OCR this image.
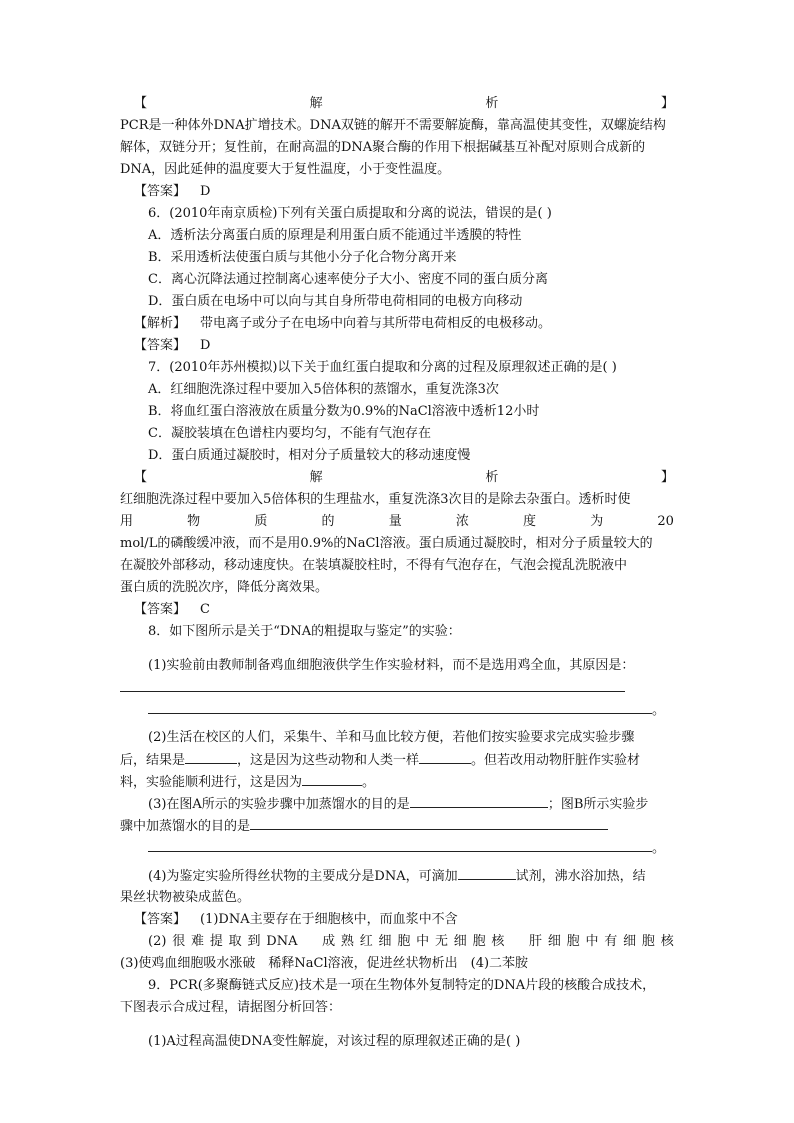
【	解	析	】
PCR是一种体外DNA扩增技术。DNA双链的解开不需要解旋酶，靠高温使其变性，双螺旋结构
解体，双链分开；复性前，在耐高温的DNA聚合酶的作用下根据碱基互补配对原则合成新的
DNA，因此延伸的温度要大于复性温度，小于变性温度。
【答案】 D
6．(2010年南京质检)下列有关蛋白质提取和分离的说法，错误的是( )
A．透析法分离蛋白质的原理是利用蛋白质不能通过半透膜的特性
B．采用透析法使蛋白质与其他小分子化合物分离开来
C．离心沉降法通过控制离心速率使分子大小、密度不同的蛋白质分离
D．蛋白质在电场中可以向与其自身所带电荷相同的电极方向移动
【解析】 带电离子或分子在电场中向着与其所带电荷相反的电极移动。
【答案】 D
7．(2010年苏州模拟)以下关于血红蛋白提取和分离的过程及原理叙述正确的是( )
A．红细胞洗涤过程中要加入5倍体积的蒸馏水，重复洗涤3次
B．将血红蛋白溶液放在质量分数为0.9%的NaCl溶液中透析12小时
C．凝胶装填在色谱柱内要均匀，不能有气泡存在
D．蛋白质通过凝胶时，相对分子质量较大的移动速度慢
【	解	析	】
红细胞洗涤过程中要加入5倍体积的生理盐水，重复洗涤3次目的是除去杂蛋白。透析时使
用	物	质	的	量	浓	度	为	20
mol/L的磷酸缓冲液，而不是用0.9%的NaCl溶液。蛋白质通过凝胶时，相对分子质量较大的
在凝胶外部移动，移动速度快。在装填凝胶柱时，不得有气泡存在，气泡会搅乱洗脱液中
蛋白质的洗脱次序，降低分离效果。
【答案】 C
8．如下图所示是关于“DNA的粗提取与鉴定”的实验：
(1)实验前由教师制备鸡血细胞液供学生作实验材料，而不是选用鸡全血，其原因是：
。
(2)生活在校区的人们，采集牛、羊和马血比较方便，若他们按实验要求完成实验步骤
后，结果是	，这是因为这些动物和人类一样	。但若改用动物肝脏作实验材
料，实验能顺利进行，这是因为	。
(3)在图A所示的实验步骤中加蒸馏水的目的是	；图B所示实验步
骤中加蒸馏水的目的是
。
(4)为鉴定实验所得丝状物的主要成分是DNA，可滴加	试剂，沸水浴加热，结
果丝状物被染成蓝色。
【答案】 (1)DNA主要存在于细胞核中，而血浆中不含
(2) 很 难 提 取 到 DNA
　 成 熟 红 细 胞 中 无 细 胞 核
　 肝 细 胞 中 有 细 胞 核
(3)使鸡血细胞吸水涨破　稀释NaCl溶液，促进丝状物析出　(4)二苯胺
9．PCR(多聚酶链式反应)技术是一项在生物体外复制特定的DNA片段的核酸合成技术，
下图表示合成过程，请据图分析回答：
(1)A过程高温使DNA变性解旋，对该过程的原理叙述正确的是( )
